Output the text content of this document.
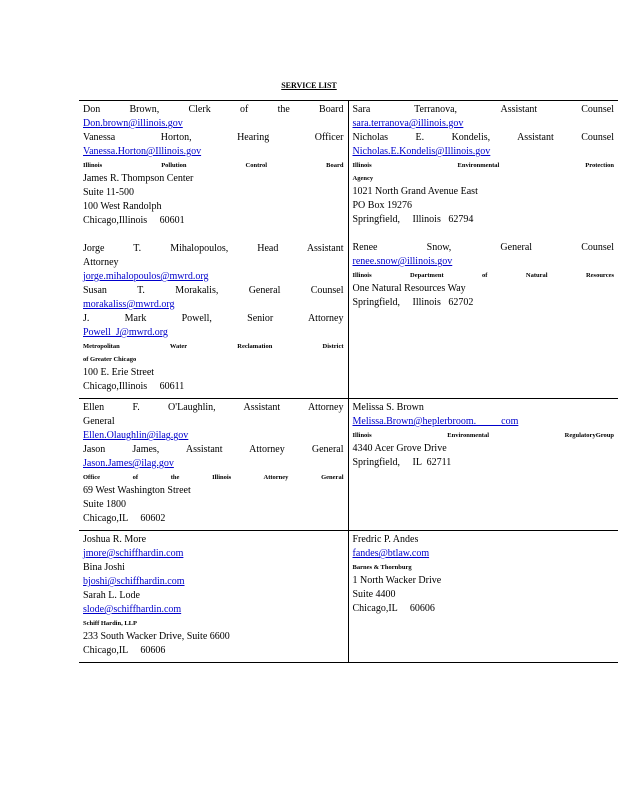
SERVICE LIST
Don Brown, Clerk of the Board
Don.brown@illinois.gov
Vanessa Horton, Hearing Officer
Vanessa.Horton@Illinois.gov
Illinois Pollution Control Board
James R. Thompson Center
Suite 11-500
100 West Randolph
Chicago,Illinois     60601
Jorge T. Mihalopoulos, Head Assistant
Attorney
jorge.mihalopoulos@mwrd.org
Susan T. Morakalis, General Counsel
morakaliss@mwrd.org
J. Mark Powell, Senior Attorney
Powell_J@mwrd.org
Metropolitan Water Reclamation District
of Greater Chicago
100 E. Erie Street
Chicago,Illinois     60611
Sara Terranova, Assistant Counsel
sara.terranova@illinois.gov
Nicholas E. Kondelis, Assistant Counsel
Nicholas.E.Kondelis@Illinois.gov
Illinois Environmental Protection
Agency
1021 North Grand Avenue East
PO Box 19276
Springfield,     Illinois   62794
Renee Snow, General Counsel
renee.snow@illinois.gov
Illinois Department of Natural Resources
One Natural Resources Way
Springfield,     Illinois   62702
Ellen F. O'Laughlin, Assistant Attorney
General
Ellen.Olaughlin@ilag.gov
Jason James, Assistant Attorney General
Jason.James@ilag.gov
Office of the Illinois Attorney General
69 West Washington Street
Suite 1800
Chicago,IL     60602
Melissa S. Brown
Melissa.Brown@heplerbroom.          com
Illinois Environmental RegulatoryGroup
4340 Acer Grove Drive
Springfield,     IL  62711
Joshua R. More
jmore@schiffhardin.com
Bina Joshi
bjoshi@schiffhardin.com
Sarah L. Lode
slode@schiffhardin.com
Schiff Hardin, LLP
233 South Wacker Drive, Suite 6600
Chicago,IL     60606
Fredric P. Andes
fandes@btlaw.com
Barnes & Thornburg
1 North Wacker Drive
Suite 4400
Chicago,IL     60606
